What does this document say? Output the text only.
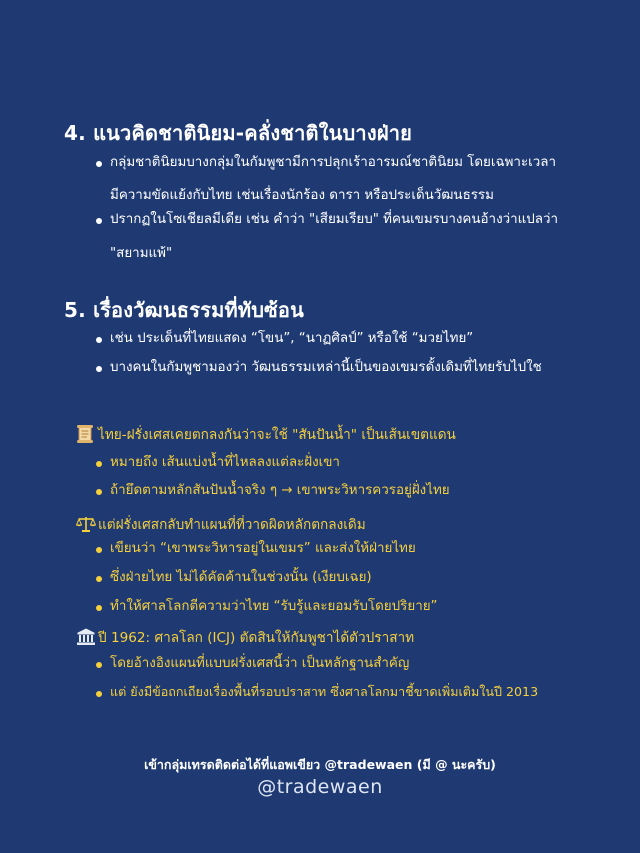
4. แนวคิดชาตินิยม-คลั่งชาติในบางฝ่าย
กลุ่มชาตินิยมบางกลุ่มในกัมพูชามีการปลุกเร้าอารมณ์ชาตินิยม โดยเฉพาะเวลา
มีความขัดแย้งกับไทย เช่นเรื่องนักร้อง ดารา หรือประเด็นวัฒนธรรม
ปรากฏในโซเชียลมีเดีย เช่น คำว่า "เสียมเรียบ" ที่คนเขมรบางคนอ้างว่าแปลว่า
"สยามแพ้"
5. เรื่องวัฒนธรรมที่ทับซ้อน
เช่น ประเด็นที่ไทยแสดง “โขน”, “นาฏศิลป์” หรือใช้ “มวยไทย”
บางคนในกัมพูชามองว่า วัฒนธรรมเหล่านี้เป็นของเขมรดั้งเดิมที่ไทยรับไปใช
ไทย-ฝรั่งเศสเคยตกลงกันว่าจะใช้ "สันปันน้ำ" เป็นเส้นเขตแดน
หมายถึง เส้นแบ่งน้ำที่ไหลลงแต่ละฝั่งเขา
ถ้ายึดตามหลักสันปันน้ำจริง ๆ → เขาพระวิหารควรอยู่ฝั่งไทย
แต่ฝรั่งเศสกลับทำแผนที่ที่วาดผิดหลักตกลงเดิม
เขียนว่า “เขาพระวิหารอยู่ในเขมร” และส่งให้ฝ่ายไทย
ซึ่งฝ่ายไทย ไม่ได้คัดค้านในช่วงนั้น (เงียบเฉย)
ทำให้ศาลโลกตีความว่าไทย “รับรู้และยอมรับโดยปริยาย”
ปี 1962: ศาลโลก (ICJ) ตัดสินให้กัมพูชาได้ตัวปราสาท
โดยอ้างอิงแผนที่แบบฝรั่งเศสนี้ว่า เป็นหลักฐานสำคัญ
แต่ ยังมีข้อถกเถียงเรื่องพื้นที่รอบปราสาท ซึ่งศาลโลกมาชี้ขาดเพิ่มเติมในปี 2013
เข้ากลุ่มเทรดติดต่อได้ที่แอพเขียว @tradewaen (มี @ นะครับ)
@tradewaen
